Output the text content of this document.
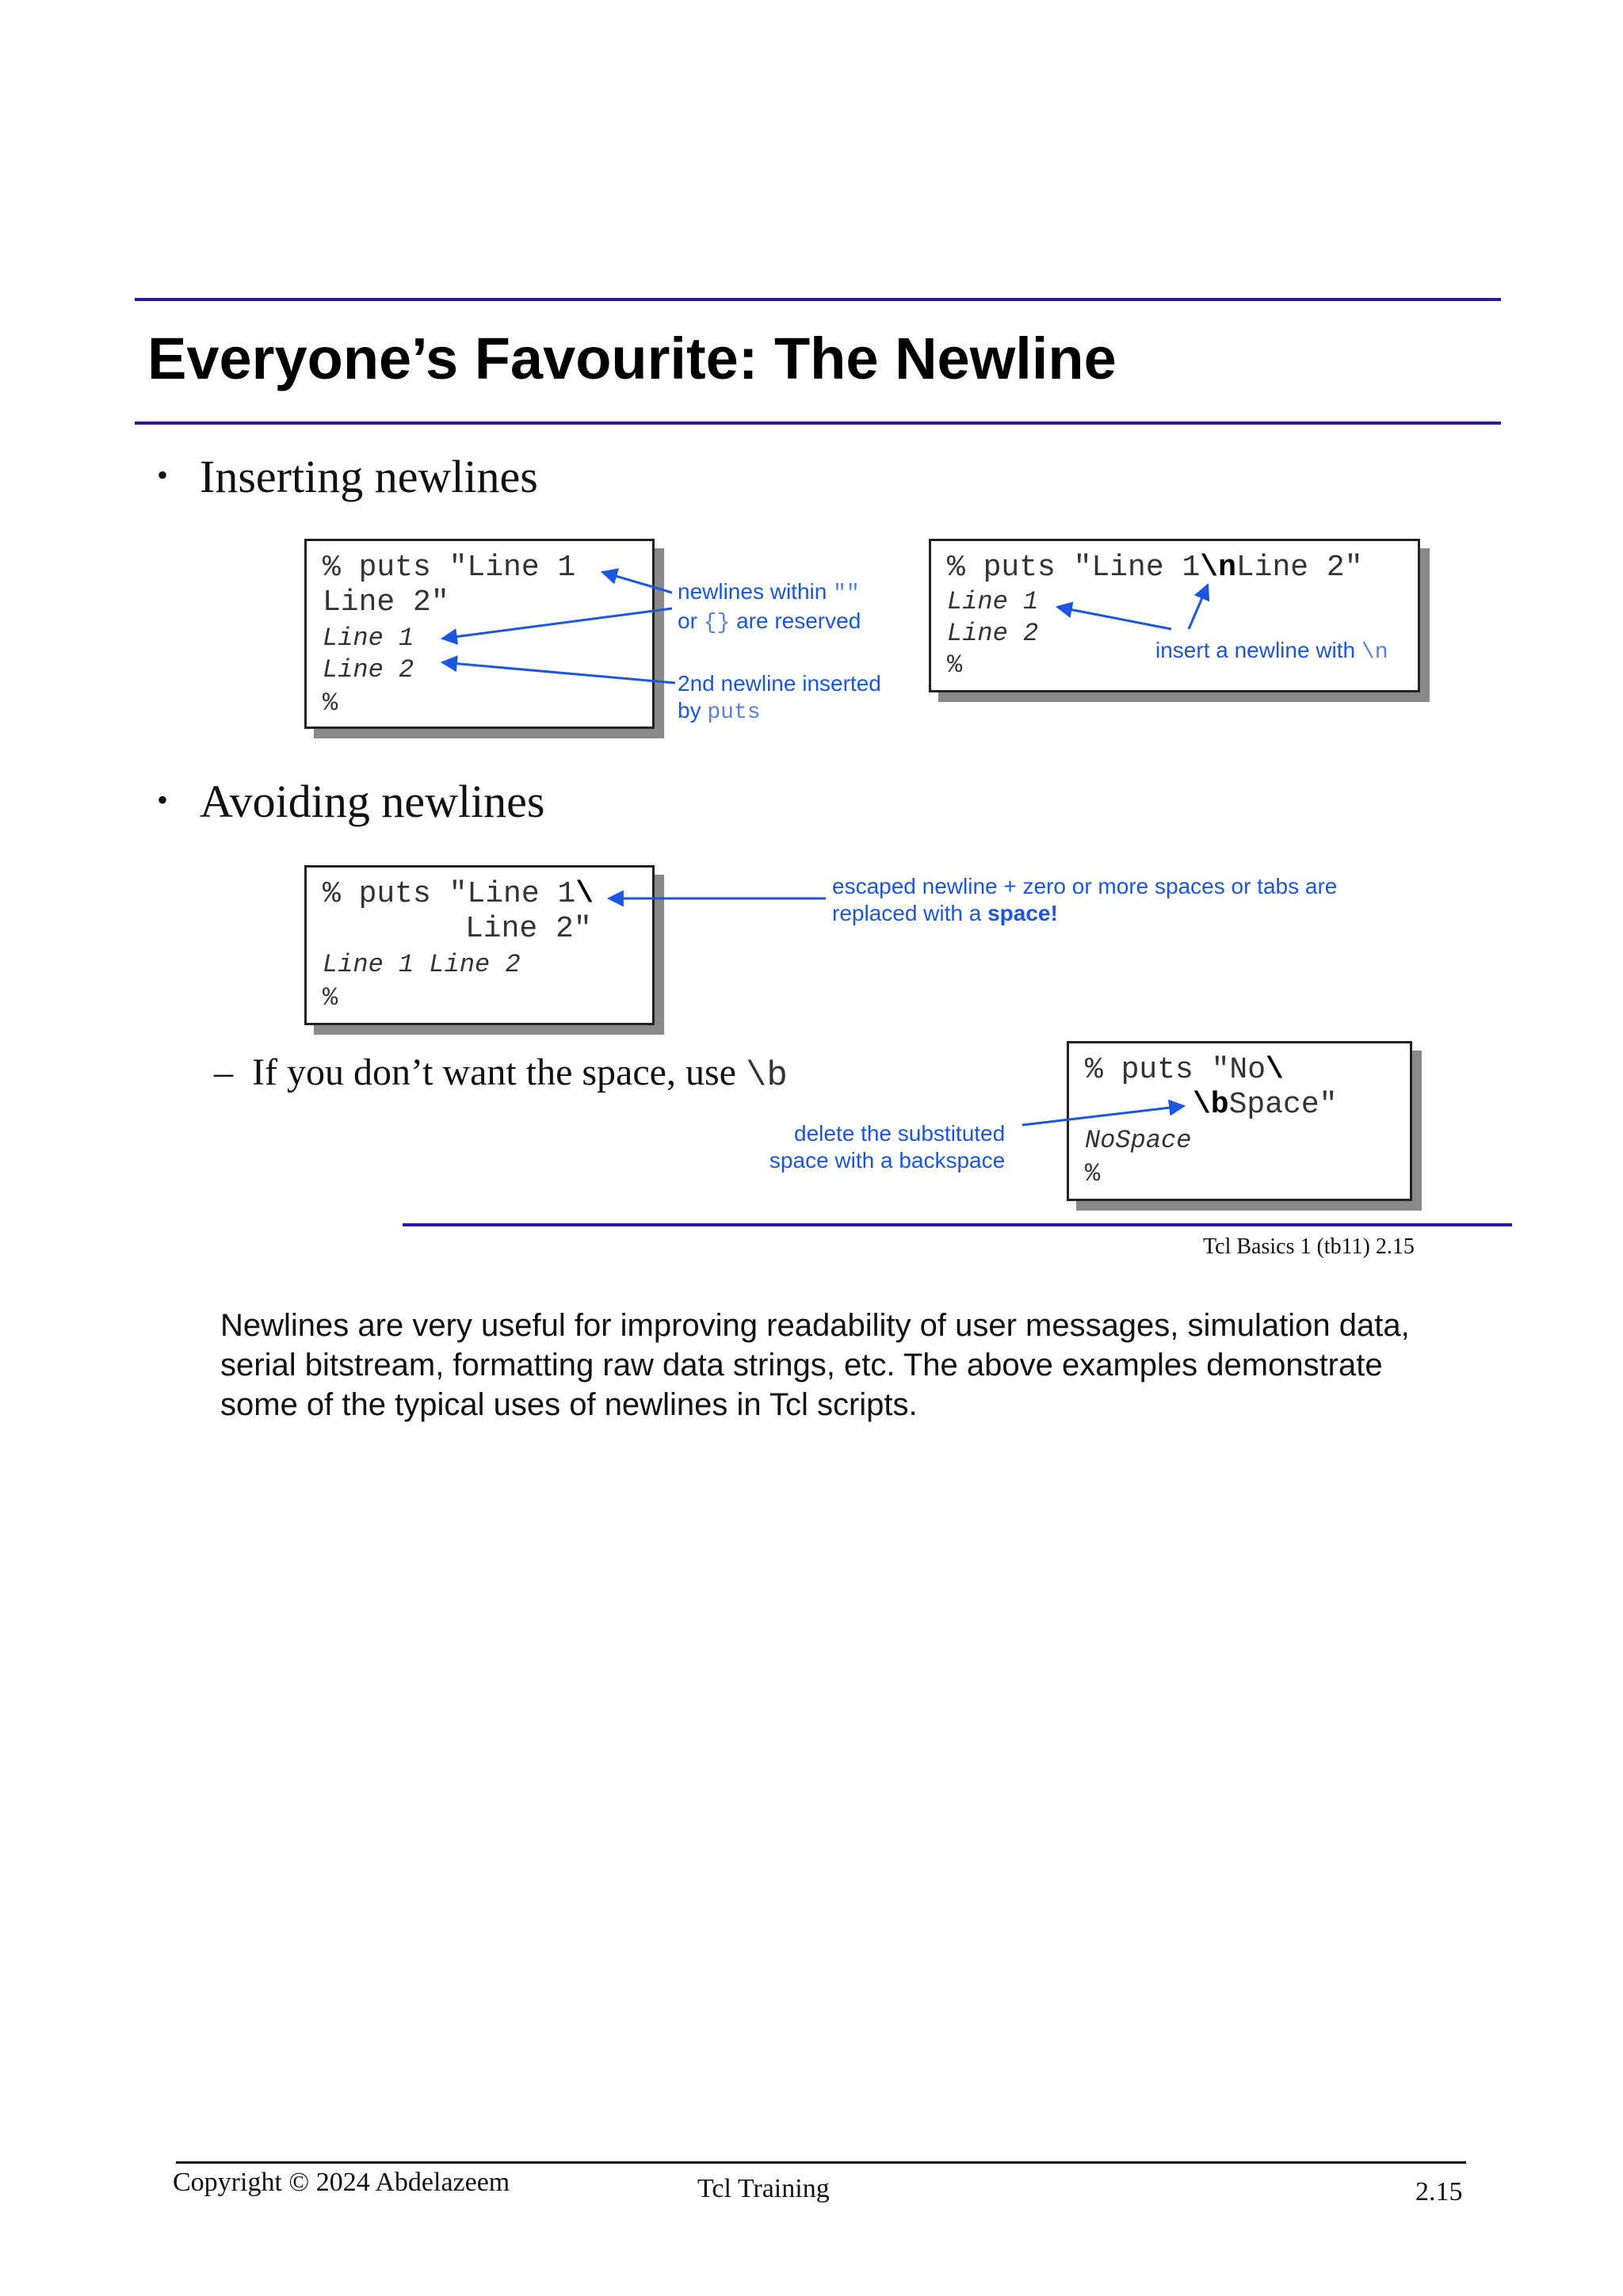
Everyone’s Favourite: The Newline
• Inserting newlines
% puts "Line 1
Line 2"
Line 1
Line 2
%
newlines within ""
or {} are reserved
2nd newline inserted
by puts
% puts "Line 1\nLine 2"
Line 1
Line 2
%
insert a newline with \n
• Avoiding newlines
% puts "Line 1\
Line 2"
Line 1 Line 2
%
escaped newline + zero or more spaces or tabs are
replaced with a space!
–  If you don’t want the space, use \b	% puts "No\
\bSpace"
NoSpace
%
delete the substituted
space with a backspace
Tcl Basics 1 (tb11) 2.15

Newlines are very useful for improving readability of user messages, simulation data, serial bitstream, formatting raw data strings, etc. The above examples demonstrate some of the typical uses of newlines in Tcl scripts.

Copyright © 2024 Abdelazeem	Tcl Training	2.15
